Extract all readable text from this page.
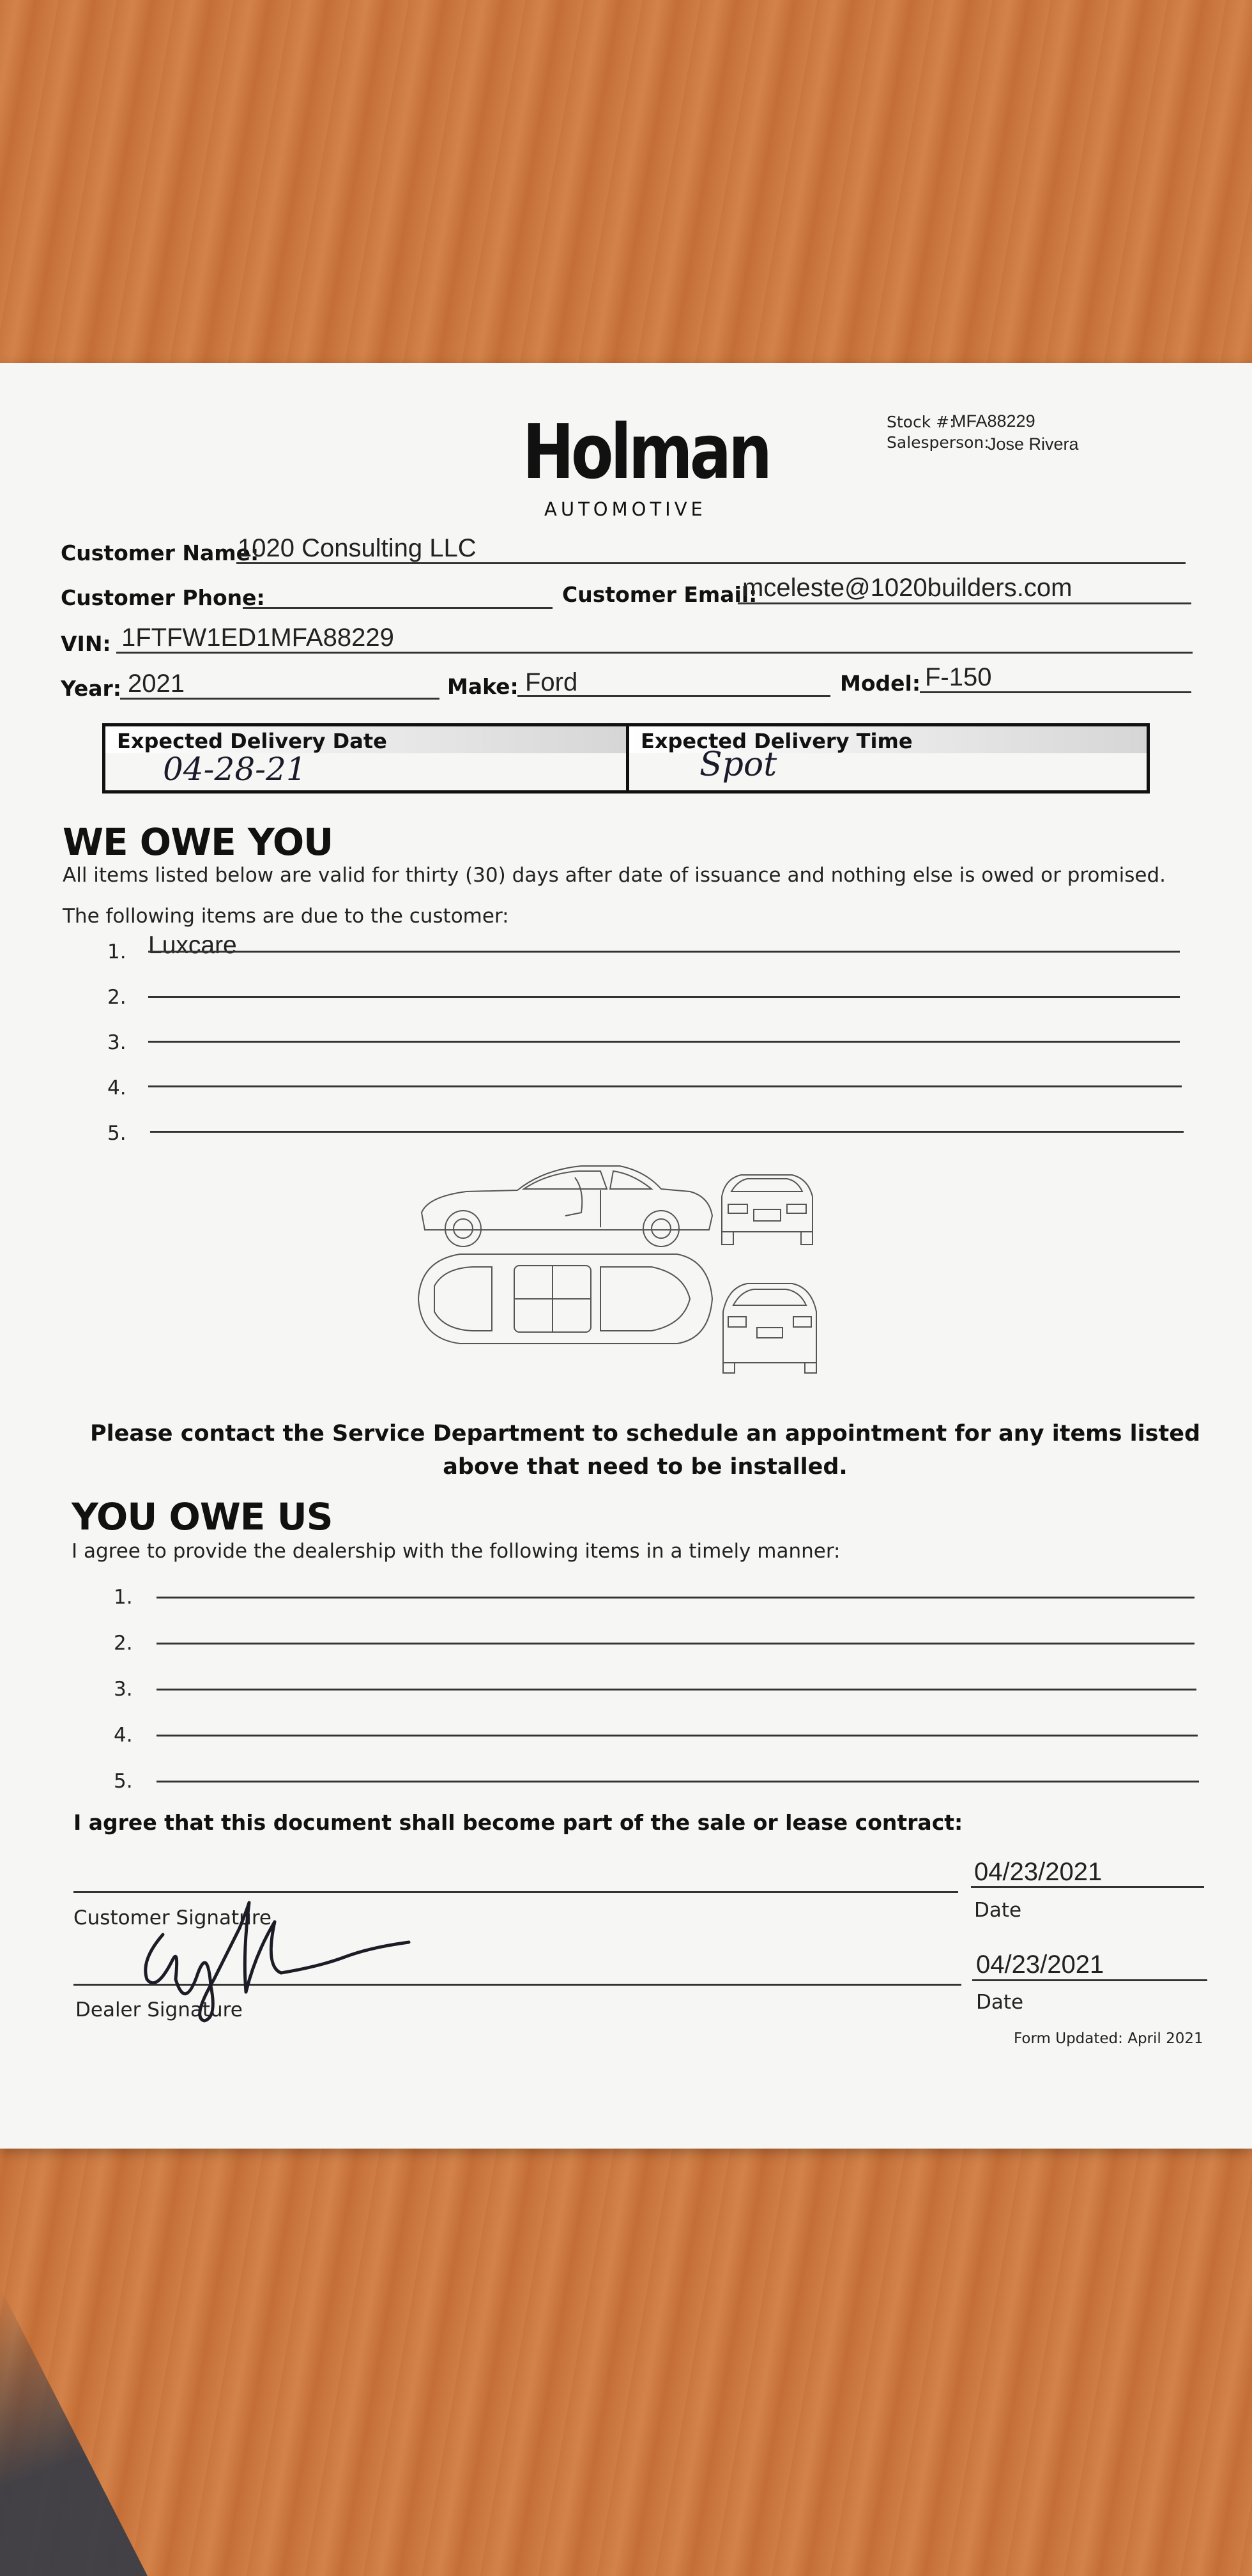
Holman
AUTOMOTIVE
Stock #:
MFA88229
Salesperson:
Jose Rivera
Customer Name:
1020 Consulting LLC
Customer Phone:	Customer Email:
mceleste@1020builders.com
VIN: 1FTFW1ED1MFA88229
Year: 2021	Make: Ford	Model: F-150
Expected Delivery Date
04-28-21
Expected Delivery Time
Spot
WE OWE YOU
All items listed below are valid for thirty (30) days after date of issuance and nothing else is owed or promised.
The following items are due to the customer:
1. Luxcare
2.
3.
4.
5.
Please contact the Service Department to schedule an appointment for any items listed above that need to be installed.
YOU OWE US
I agree to provide the dealership with the following items in a timely manner:
1.
2.
3.
4.
5.
I agree that this document shall become part of the sale or lease contract:
Customer Signature
04/23/2021
Date
Dealer Signature
04/23/2021
Date
Form Updated: April 2021
